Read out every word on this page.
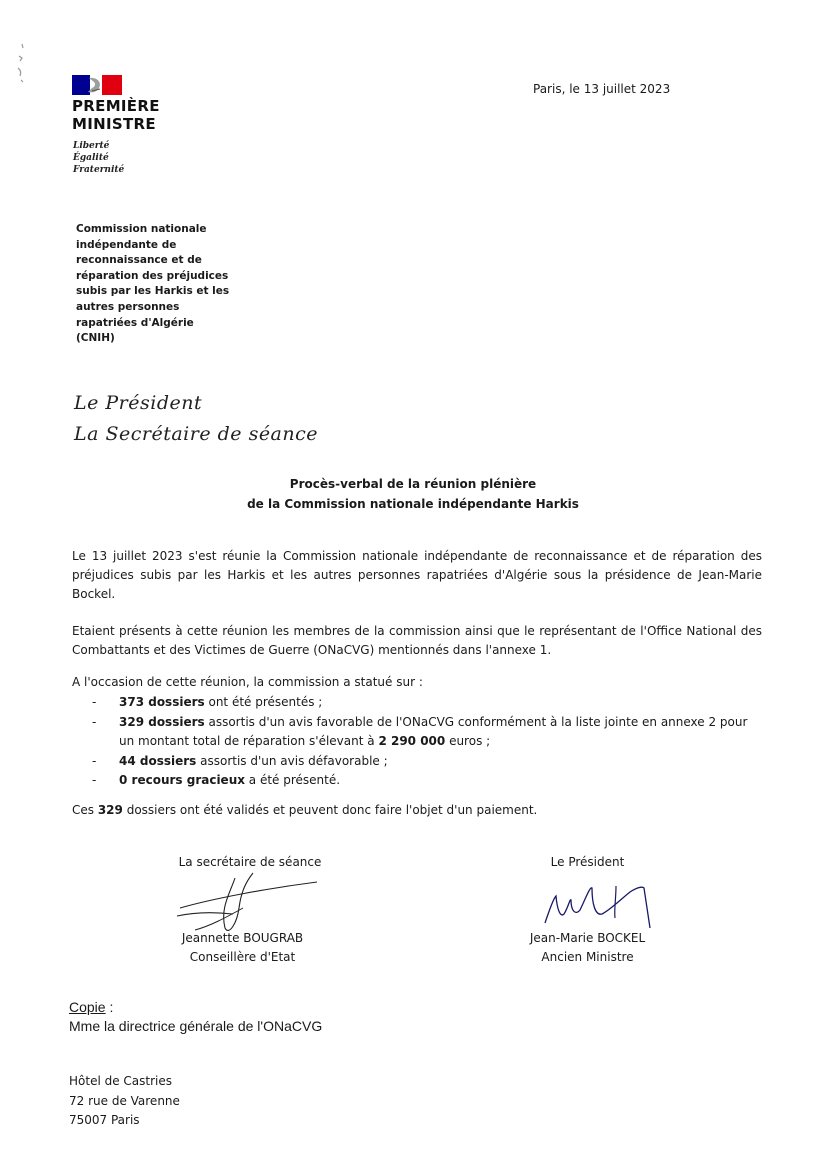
PREMIÈRE
MINISTRE
Liberté
Égalité
Fraternité
Paris, le 13 juillet 2023
Commission nationale indépendante de reconnaissance et de réparation des préjudices subis par les Harkis et les autres personnes rapatriées d'Algérie (CNIH)
Le Président
La Secrétaire de séance
Procès-verbal de la réunion plénière
de la Commission nationale indépendante Harkis
Le 13 juillet 2023 s'est réunie la Commission nationale indépendante de reconnaissance et de réparation des préjudices subis par les Harkis et les autres personnes rapatriées d'Algérie sous la présidence de Jean-Marie Bockel.
Etaient présents à cette réunion les membres de la commission ainsi que le représentant de l'Office National des Combattants et des Victimes de Guerre (ONaCVG) mentionnés dans l'annexe 1.
A l'occasion de cette réunion, la commission a statué sur :
- 373 dossiers ont été présentés ;
- 329 dossiers assortis d'un avis favorable de l'ONaCVG conformément à la liste jointe en annexe 2 pour un montant total de réparation s'élevant à 2 290 000 euros ;
- 44 dossiers assortis d'un avis défavorable ;
- 0 recours gracieux a été présenté.
Ces 329 dossiers ont été validés et peuvent donc faire l'objet d'un paiement.
La secrétaire de séance
Jeannette BOUGRAB
Conseillère d'Etat
Le Président
Jean-Marie BOCKEL
Ancien Ministre
Copie :
Mme la directrice générale de l'ONaCVG
Hôtel de Castries
72 rue de Varenne
75007 Paris
